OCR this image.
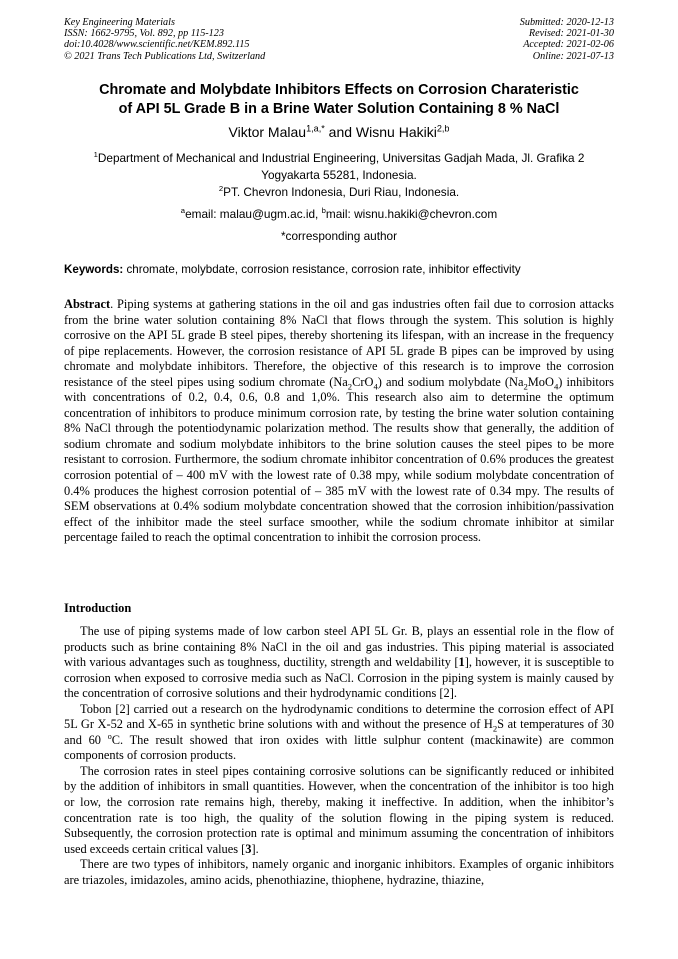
Key Engineering Materials
ISSN: 1662-9795, Vol. 892, pp 115-123
doi:10.4028/www.scientific.net/KEM.892.115
© 2021 Trans Tech Publications Ltd, Switzerland
Submitted: 2020-12-13
Revised: 2021-01-30
Accepted: 2021-02-06
Online: 2021-07-13
Chromate and Molybdate Inhibitors Effects on Corrosion Charateristic
of API 5L Grade B in a Brine Water Solution Containing 8 % NaCl
Viktor Malau$^{1,a,*}$ and Wisnu Hakiki$^{2,b}$
$^1$Department of Mechanical and Industrial Engineering, Universitas Gadjah Mada, Jl. Grafika 2
Yogyakarta 55281, Indonesia.
$^2$PT. Chevron Indonesia, Duri Riau, Indonesia.
$^a$email: malau@ugm.ac.id, $^b$mail: wisnu.hakiki@chevron.com
*corresponding author
Keywords: chromate, molybdate, corrosion resistance, corrosion rate, inhibitor effectivity
Abstract. Piping systems at gathering stations in the oil and gas industries often fail due to corrosion attacks from the brine water solution containing 8% NaCl that flows through the system. This solution is highly corrosive on the API 5L grade B steel pipes, thereby shortening its lifespan, with an increase in the frequency of pipe replacements. However, the corrosion resistance of API 5L grade B pipes can be improved by using chromate and molybdate inhibitors. Therefore, the objective of this research is to improve the corrosion resistance of the steel pipes using sodium chromate $(Na_2CrO_4)$ and sodium molybdate $(Na_2MoO_4)$ inhibitors with concentrations of 0.2, 0.4, 0.6, 0.8 and 1,0%. This research also aim to determine the optimum concentration of inhibitors to produce minimum corrosion rate, by testing the brine water solution containing 8% NaCl through the potentiodynamic polarization method. The results show that generally, the addition of sodium chromate and sodium molybdate inhibitors to the brine solution causes the steel pipes to be more resistant to corrosion. Furthermore, the sodium chromate inhibitor concentration of 0.6% produces the greatest corrosion potential of – 400 mV with the lowest rate of 0.38 mpy, while sodium molybdate concentration of 0.4% produces the highest corrosion potential of – 385 mV with the lowest rate of 0.34 mpy. The results of SEM observations at 0.4% sodium molybdate concentration showed that the corrosion inhibition/passivation effect of the inhibitor made the steel surface smoother, while the sodium chromate inhibitor at similar percentage failed to reach the optimal concentration to inhibit the corrosion process.
Introduction

The use of piping systems made of low carbon steel API 5L Gr. B, plays an essential role in the flow of products such as brine containing 8% NaCl in the oil and gas industries. This piping material is associated with various advantages such as toughness, ductility, strength and weldability [1], however, it is susceptible to corrosion when exposed to corrosive media such as NaCl. Corrosion in the piping system is mainly caused by the concentration of corrosive solutions and their hydrodynamic conditions [2].

Tobon [2] carried out a research on the hydrodynamic conditions to determine the corrosion effect of API 5L Gr X-52 and X-65 in synthetic brine solutions with and without the presence of $H_2S$ at temperatures of 30 and 60 $^o$C. The result showed that iron oxides with little sulphur content (mackinawite) are common components of corrosion products.

The corrosion rates in steel pipes containing corrosive solutions can be significantly reduced or inhibited by the addition of inhibitors in small quantities. However, when the concentration of the inhibitor is too high or low, the corrosion rate remains high, thereby, making it ineffective. In addition, when the inhibitor’s concentration rate is too high, the quality of the solution flowing in the piping system is reduced. Subsequently, the corrosion protection rate is optimal and minimum assuming the concentration of inhibitors used exceeds certain critical values [3].

There are two types of inhibitors, namely organic and inorganic inhibitors. Examples of organic inhibitors are triazoles, imidazoles, amino acids, phenothiazine, thiophene, hydrazine, thiazine,
